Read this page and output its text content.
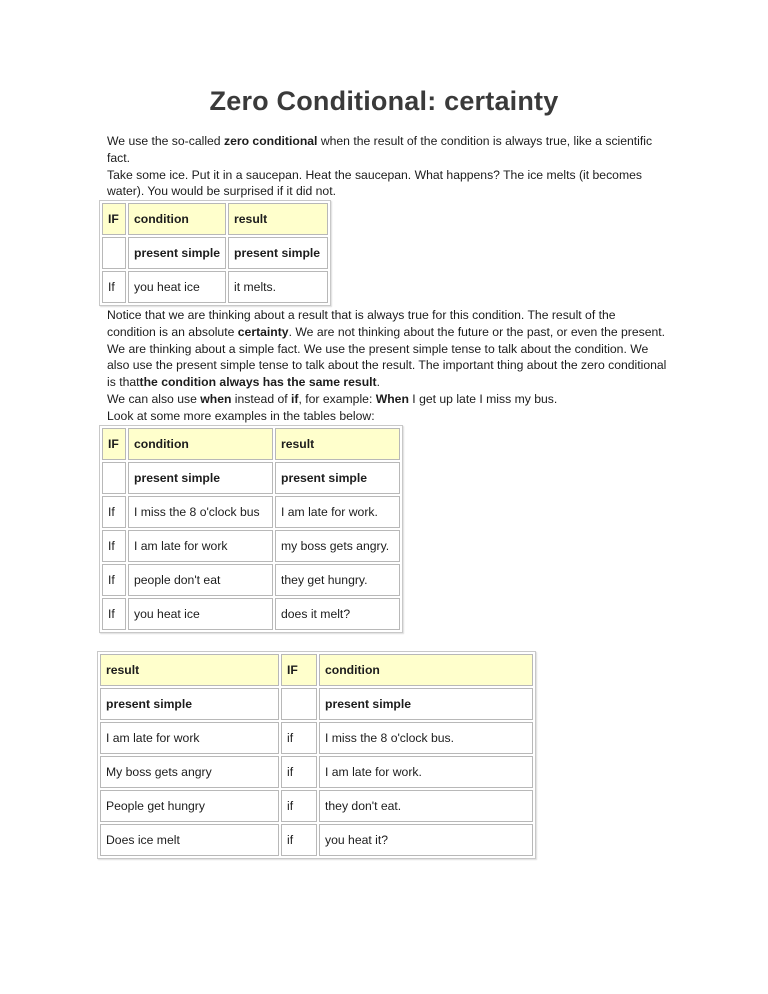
Zero Conditional: certainty

We use the so-called zero conditional when the result of the condition is always true, like a scientific fact.
Take some ice. Put it in a saucepan. Heat the saucepan. What happens? The ice melts (it becomes water). You would be surprised if it did not.

IF	condition	result
	present simple	present simple
If	you heat ice	it melts.

Notice that we are thinking about a result that is always true for this condition. The result of the condition is an absolute certainty. We are not thinking about the future or the past, or even the present. We are thinking about a simple fact. We use the present simple tense to talk about the condition. We also use the present simple tense to talk about the result. The important thing about the zero conditional is thatthe condition always has the same result.
We can also use when instead of if, for example: When I get up late I miss my bus.
Look at some more examples in the tables below:

IF	condition	result
	present simple	present simple
If	I miss the 8 o'clock bus	I am late for work.
If	I am late for work	my boss gets angry.
If	people don't eat	they get hungry.
If	you heat ice	does it melt?
result	IF	condition
present simple		present simple
I am late for work	if	I miss the 8 o'clock bus.
My boss gets angry	if	I am late for work.
People get hungry	if	they don't eat.
Does ice melt	if	you heat it?
